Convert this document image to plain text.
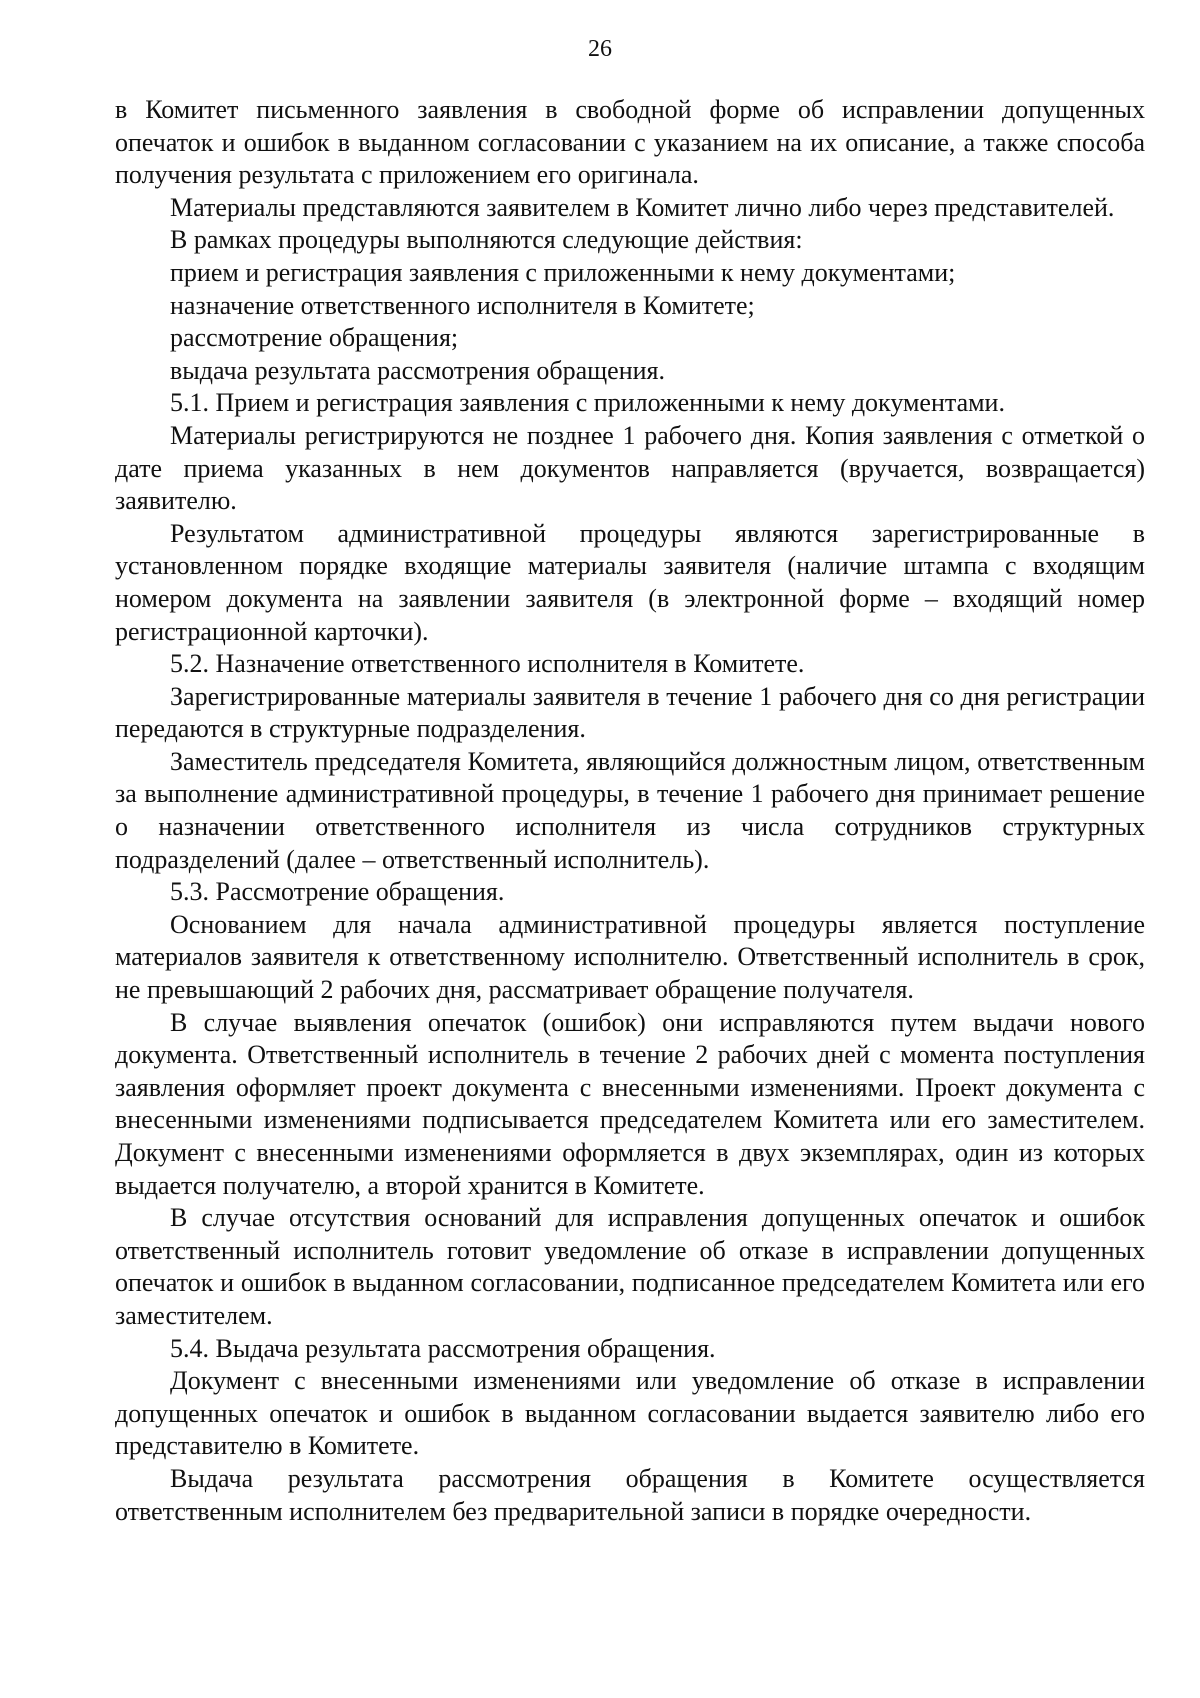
26

в Комитет письменного заявления в свободной форме об исправлении допущенных опечаток и ошибок в выданном согласовании с указанием на их описание, а также способа получения результата с приложением его оригинала.

Материалы представляются заявителем в Комитет лично либо через представителей.

В рамках процедуры выполняются следующие действия:

прием и регистрация заявления с приложенными к нему документами;

назначение ответственного исполнителя в Комитете;

рассмотрение обращения;

выдача результата рассмотрения обращения.

5.1. Прием и регистрация заявления с приложенными к нему документами.

Материалы регистрируются не позднее 1 рабочего дня. Копия заявления с отметкой о дате приема указанных в нем документов направляется (вручается, возвращается) заявителю.

Результатом административной процедуры являются зарегистрированные в установленном порядке входящие материалы заявителя (наличие штампа с входящим номером документа на заявлении заявителя (в электронной форме – входящий номер регистрационной карточки).

5.2. Назначение ответственного исполнителя в Комитете.

Зарегистрированные материалы заявителя в течение 1 рабочего дня со дня регистрации передаются в структурные подразделения.

Заместитель председателя Комитета, являющийся должностным лицом, ответственным за выполнение административной процедуры, в течение 1 рабочего дня принимает решение о назначении ответственного исполнителя из числа сотрудников структурных подразделений (далее – ответственный исполнитель).

5.3. Рассмотрение обращения.

Основанием для начала административной процедуры является поступление материалов заявителя к ответственному исполнителю. Ответственный исполнитель в срок, не превышающий 2 рабочих дня, рассматривает обращение получателя.

В случае выявления опечаток (ошибок) они исправляются путем выдачи нового документа. Ответственный исполнитель в течение 2 рабочих дней с момента поступления заявления оформляет проект документа с внесенными изменениями. Проект документа с внесенными изменениями подписывается председателем Комитета или его заместителем. Документ с внесенными изменениями оформляется в двух экземплярах, один из которых выдается получателю, а второй хранится в Комитете.

В случае отсутствия оснований для исправления допущенных опечаток и ошибок ответственный исполнитель готовит уведомление об отказе в исправлении допущенных опечаток и ошибок в выданном согласовании, подписанное председателем Комитета или его заместителем.

5.4. Выдача результата рассмотрения обращения.

Документ с внесенными изменениями или уведомление об отказе в исправлении допущенных опечаток и ошибок в выданном согласовании выдается заявителю либо его представителю в Комитете.

Выдача результата рассмотрения обращения в Комитете осуществляется ответственным исполнителем без предварительной записи в порядке очередности.
